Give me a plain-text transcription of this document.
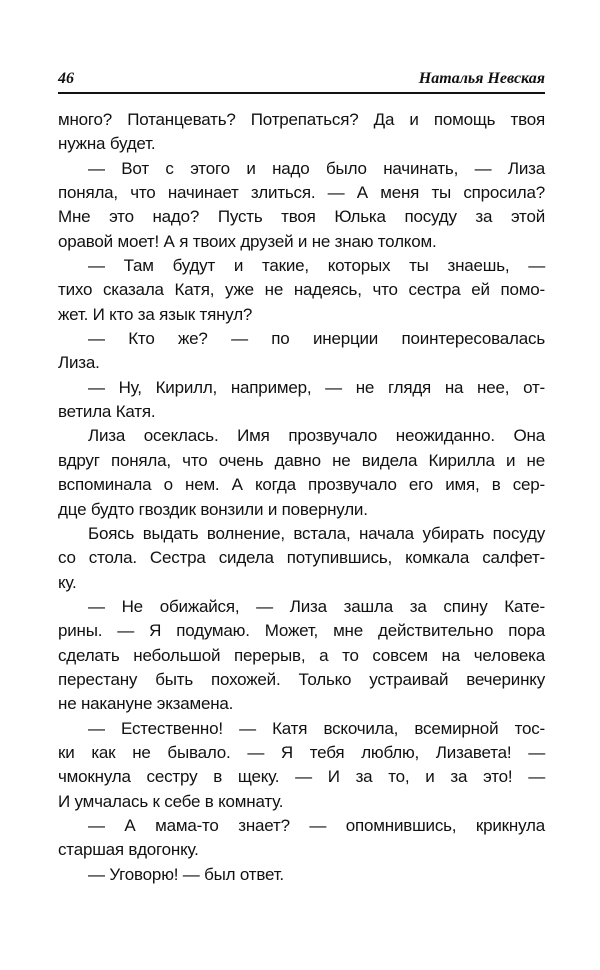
46	Наталья Невская
много? Потанцевать? Потрепаться? Да и помощь твоя
нужна будет.
— Вот с этого и надо было начинать, — Лиза
поняла, что начинает злиться. — А меня ты спросила?
Мне это надо? Пусть твоя Юлька посуду за этой
оравой моет! А я твоих друзей и не знаю толком.
— Там будут и такие, которых ты знаешь, —
тихо сказала Катя, уже не надеясь, что сестра ей помо-
жет. И кто за язык тянул?
— Кто же? — по инерции поинтересовалась
Лиза.
— Ну, Кирилл, например, — не глядя на нее, от-
ветила Катя.
Лиза осеклась. Имя прозвучало неожиданно. Она
вдруг поняла, что очень давно не видела Кирилла и не
вспоминала о нем. А когда прозвучало его имя, в сер-
дце будто гвоздик вонзили и повернули.
Боясь выдать волнение, встала, начала убирать посуду
со стола. Сестра сидела потупившись, комкала салфет-
ку.
— Не обижайся, — Лиза зашла за спину Кате-
рины. — Я подумаю. Может, мне действительно пора
сделать небольшой перерыв, а то совсем на человека
перестану быть похожей. Только устраивай вечеринку
не накануне экзамена.
— Естественно! — Катя вскочила, всемирной тос-
ки как не бывало. — Я тебя люблю, Лизавета! —
чмокнула сестру в щеку. — И за то, и за это! —
И умчалась к себе в комнату.
— А мама-то знает? — опомнившись, крикнула
старшая вдогонку.
— Уговорю! — был ответ.
